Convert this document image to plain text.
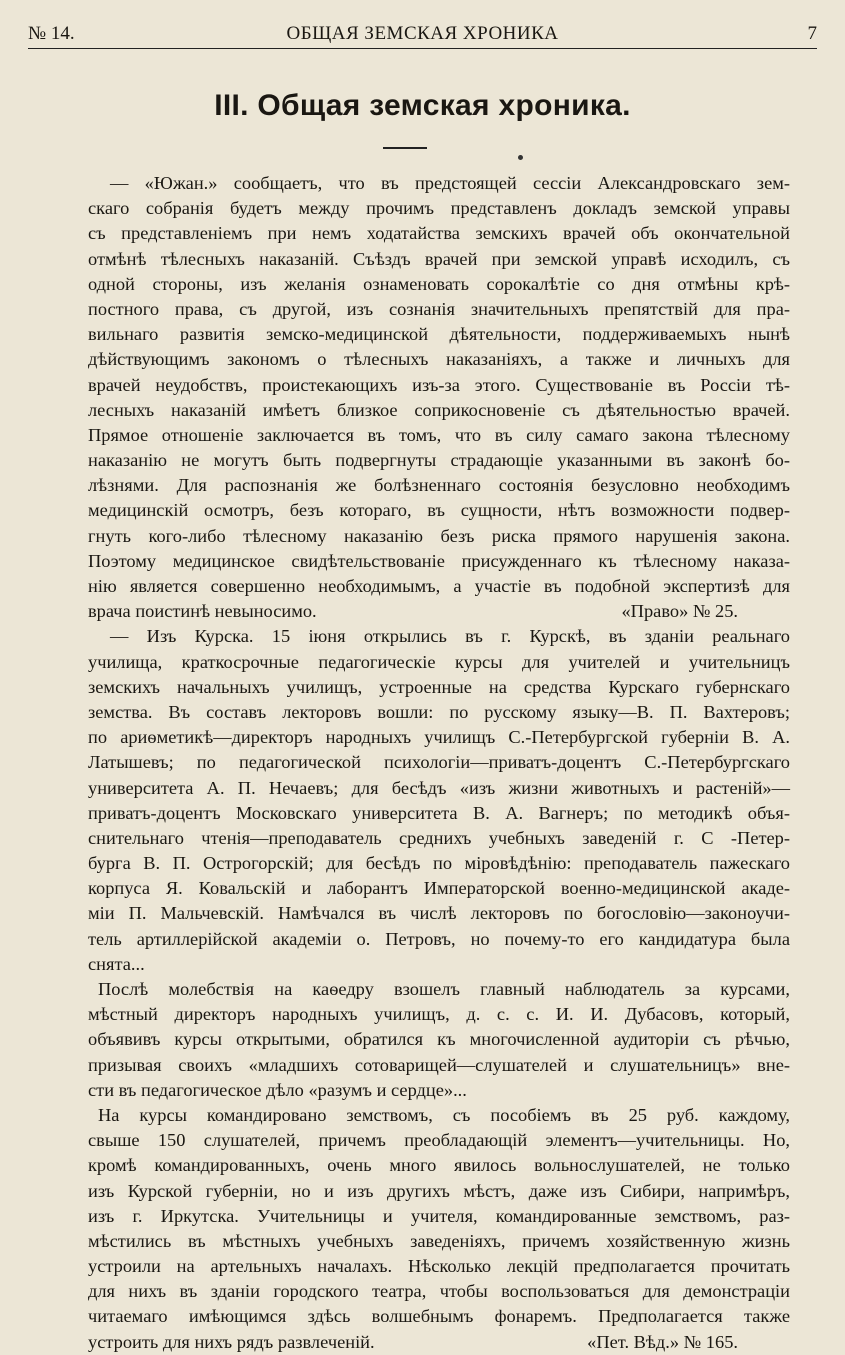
№ 14.	ОБЩАЯ ЗЕМСКАЯ ХРОНИКА	7
III. Общая земская хроника.
— «Южан.» сообщаетъ, что въ предстоящей сессіи Александровскаго зем-
скаго собранія будетъ между прочимъ представленъ докладъ земской управы
съ представленіемъ при немъ ходатайства земскихъ врачей объ окончательной
отмѣнѣ тѣлесныхъ наказаній. Съѣздъ врачей при земской управѣ исходилъ, съ
одной стороны, изъ желанія ознаменовать сорокалѣтіе со дня отмѣны крѣ-
постного права, съ другой, изъ сознанія значительныхъ препятствій для пра-
вильнаго развитія земско-медицинской дѣятельности, поддерживаемыхъ нынѣ
дѣйствующимъ закономъ о тѣлесныхъ наказаніяхъ, а также и личныхъ для
врачей неудобствъ, проистекающихъ изъ-за этого. Существованіе въ Россіи тѣ-
лесныхъ наказаній имѣетъ близкое соприкосновеніе съ дѣятельностью врачей.
Прямое отношеніе заключается въ томъ, что въ силу самаго закона тѣлесному
наказанію не могутъ быть подвергнуты страдающіе указанными въ законѣ бо-
лѣзнями. Для распознанія же болѣзненнаго состоянія безусловно необходимъ
медицинскій осмотръ, безъ котораго, въ сущности, нѣтъ возможности подвер-
гнуть кого-либо тѣлесному наказанію безъ риска прямого нарушенія закона.
Поэтому медицинское свидѣтельствованіе присужденнаго къ тѣлесному наказа-
нію является совершенно необходимымъ, а участіе въ подобной экспертизѣ для
врача поистинѣ невыносимо.	«Право» № 25.
— Изъ Курска. 15 іюня открылись въ г. Курскѣ, въ зданіи реальнаго
училища, краткосрочные педагогическіе курсы для учителей и учительницъ
земскихъ начальныхъ училищъ, устроенные на средства Курскаго губернскаго
земства. Въ составъ лекторовъ вошли: по русскому языку—В. П. Вахтеровъ;
по ариѳметикѣ—директоръ народныхъ училищъ С.-Петербургской губерніи В. А.
Латышевъ; по педагогической психологіи—приватъ-доцентъ С.-Петербургскаго
университета А. П. Нечаевъ; для бесѣдъ «изъ жизни животныхъ и растеній»—
приватъ-доцентъ Московскаго университета В. А. Вагнеръ; по методикѣ объя-
снительнаго чтенія—преподаватель среднихъ учебныхъ заведеній г. С -Петер-
бурга В. П. Острогорскій; для бесѣдъ по міровѣдѣнію: преподаватель пажескаго
корпуса Я. Ковальскій и лаборантъ Императорской военно-медицинской акаде-
міи П. Мальчевскій. Намѣчался въ числѣ лекторовъ по богословію—законоучи-
тель артиллерійской академіи о. Петровъ, но почему-то его кандидатура была
снята...
Послѣ молебствія на каѳедру взошелъ главный наблюдатель за курсами,
мѣстный директоръ народныхъ училищъ, д. с. с. И. И. Дубасовъ, который,
объявивъ курсы открытыми, обратился къ многочисленной аудиторіи съ рѣчью,
призывая своихъ «младшихъ сотоварищей—слушателей и слушательницъ» вне-
сти въ педагогическое дѣло «разумъ и сердце»...
На курсы командировано земствомъ, съ пособіемъ въ 25 руб. каждому,
свыше 150 слушателей, причемъ преобладающій элементъ—учительницы. Но,
кромѣ командированныхъ, очень много явилось вольнослушателей, не только
изъ Курской губерніи, но и изъ другихъ мѣстъ, даже изъ Сибири, напримѣръ,
изъ г. Иркутска. Учительницы и учителя, командированные земствомъ, раз-
мѣстились въ мѣстныхъ учебныхъ заведеніяхъ, причемъ хозяйственную жизнь
устроили на артельныхъ началахъ. Нѣсколько лекцій предполагается прочитать
для нихъ въ зданіи городского театра, чтобы воспользоваться для демонстраціи
читаемаго имѣющимся здѣсь волшебнымъ фонаремъ. Предполагается также
устроить для нихъ рядъ развлеченій.	«Пет. Вѣд.» № 165.
